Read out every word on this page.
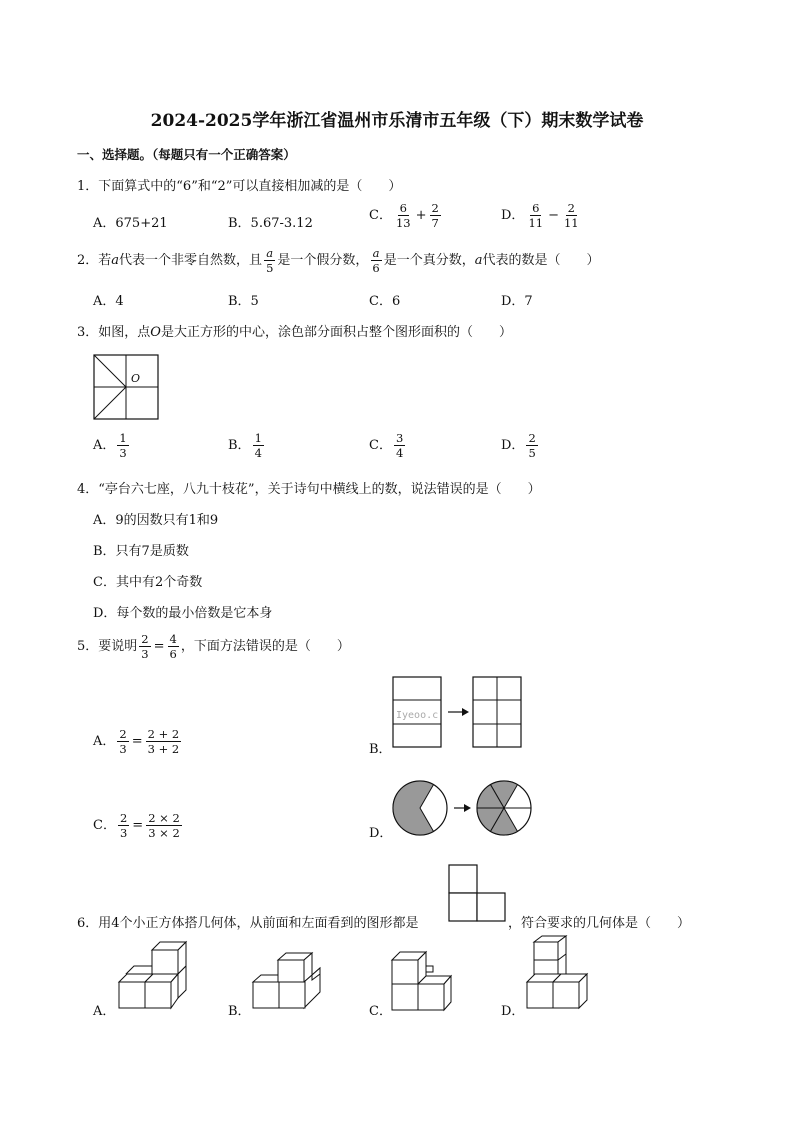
2024-2025学年浙江省温州市乐清市五年级（下）期末数学试卷
一、选择题。（每题只有一个正确答案）
1．下面算式中的“6”和“2”可以直接相加减的是（　　）
A．675+21	B．5.67-3.12
C． $\frac{6}{13} + \frac{2}{7}$	D． $\frac{6}{11} - \frac{2}{11}$
2．若a代表一个非零自然数，且 $\frac{a}{5}$ 是一个假分数， $\frac{a}{6}$ 是一个真分数，a代表的数是（　　）
A．4	B．5	C．6	D．7
3．如图，点O是大正方形的中心，涂色部分面积占整个图形面积的（　　）
O
A． $\frac{1}{3}$	B． $\frac{1}{4}$	C． $\frac{3}{4}$	D． $\frac{2}{5}$
4．“亭台六七座，八九十枝花”，关于诗句中横线上的数，说法错误的是（　　）
A．9的因数只有1和9
B．只有7是质数
C．其中有2个奇数
D．每个数的最小倍数是它本身
5．要说明 $\frac{2}{3} = \frac{4}{6}$ ，下面方法错误的是（　　）
A． $\frac{2}{3} = \frac{2 + 2}{3 + 2}$	B．
Iyeoo.c
C． $\frac{2}{3} = \frac{2 \times 2}{3 \times 2}$	D．
6．用4个小正方体搭几何体，从前面和左面看到的图形都是	，符合要求的几何体是（　　）
A．	B．	C．	D．
